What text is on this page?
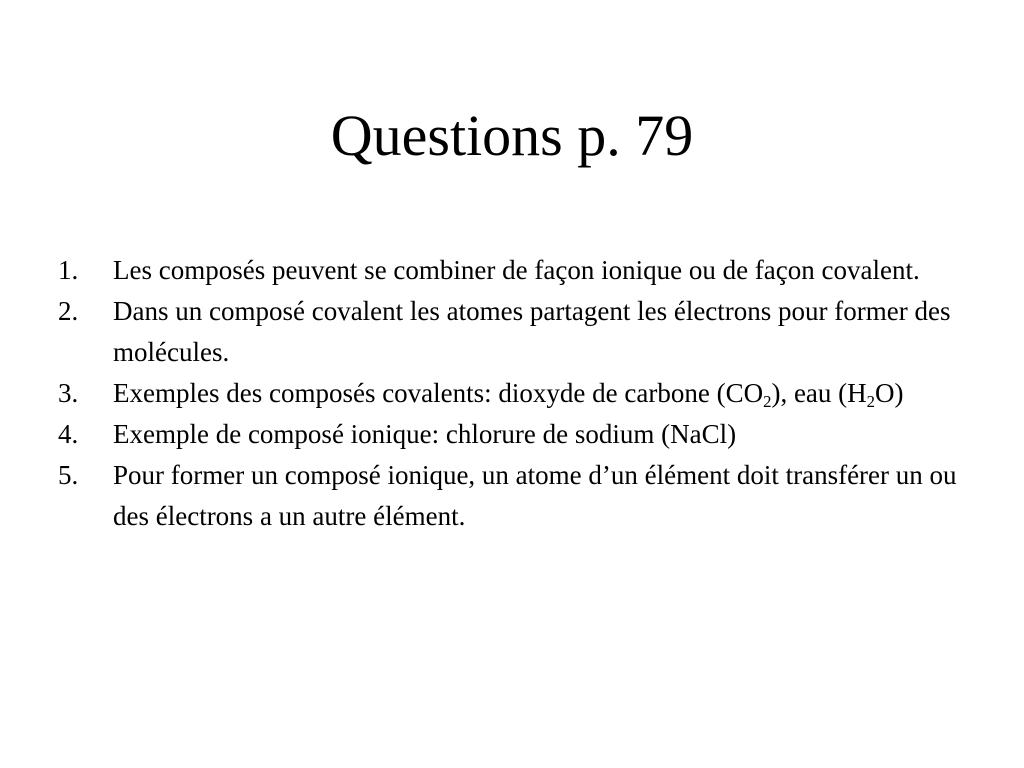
Questions p. 79
1. Les composés peuvent se combiner de façon ionique ou de façon covalent.
2. Dans un composé covalent les atomes partagent les électrons pour former des molécules.
3. Exemples des composés covalents: dioxyde de carbone $(CO_2)$, eau $(H_2O)$
4. Exemple de composé ionique: chlorure de sodium (NaCl)
5. Pour former un composé ionique, un atome d’un élément doit transférer un ou des électrons a un autre élément.
